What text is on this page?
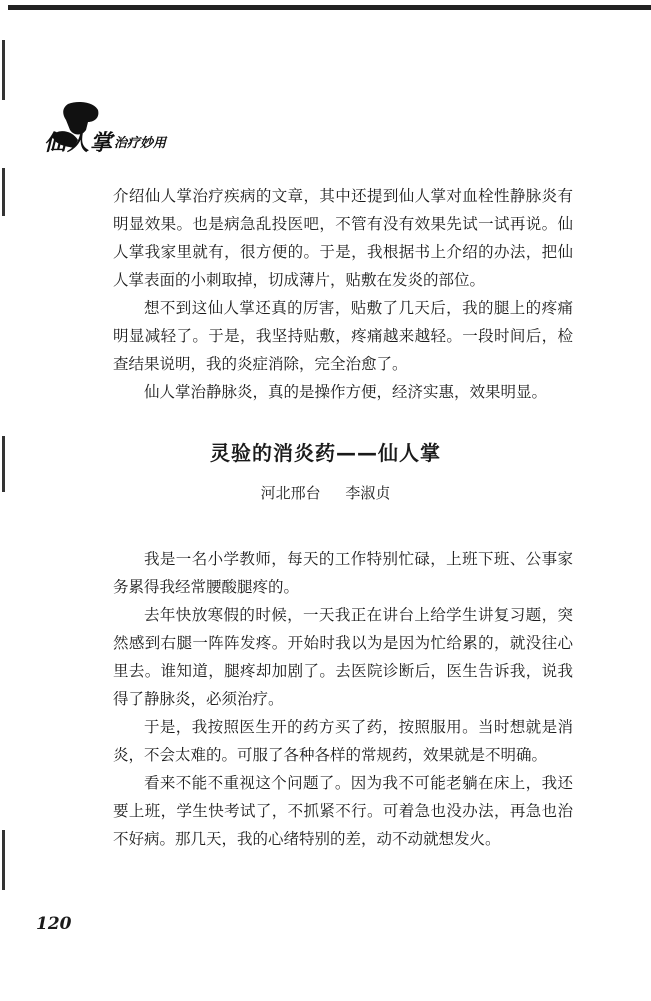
仙人掌 治疗妙用

介绍仙人掌治疗疾病的文章，其中还提到仙人掌对血栓性静脉炎有明显效果。也是病急乱投医吧，不管有没有效果先试一试再说。仙人掌我家里就有，很方便的。于是，我根据书上介绍的办法，把仙人掌表面的小刺取掉，切成薄片，贴敷在发炎的部位。

想不到这仙人掌还真的厉害，贴敷了几天后，我的腿上的疼痛明显减轻了。于是，我坚持贴敷，疼痛越来越轻。一段时间后，检查结果说明，我的炎症消除，完全治愈了。

仙人掌治静脉炎，真的是操作方便，经济实惠，效果明显。

灵验的消炎药——仙人掌
河北邢台 李淑贞

我是一名小学教师，每天的工作特别忙碌，上班下班、公事家务累得我经常腰酸腿疼的。

去年快放寒假的时候，一天我正在讲台上给学生讲复习题，突然感到右腿一阵阵发疼。开始时我以为是因为忙给累的，就没往心里去。谁知道，腿疼却加剧了。去医院诊断后，医生告诉我，说我得了静脉炎，必须治疗。

于是，我按照医生开的药方买了药，按照服用。当时想就是消炎，不会太难的。可服了各种各样的常规药，效果就是不明确。

看来不能不重视这个问题了。因为我不可能老躺在床上，我还要上班，学生快考试了，不抓紧不行。可着急也没办法，再急也治不好病。那几天，我的心绪特别的差，动不动就想发火。

120
